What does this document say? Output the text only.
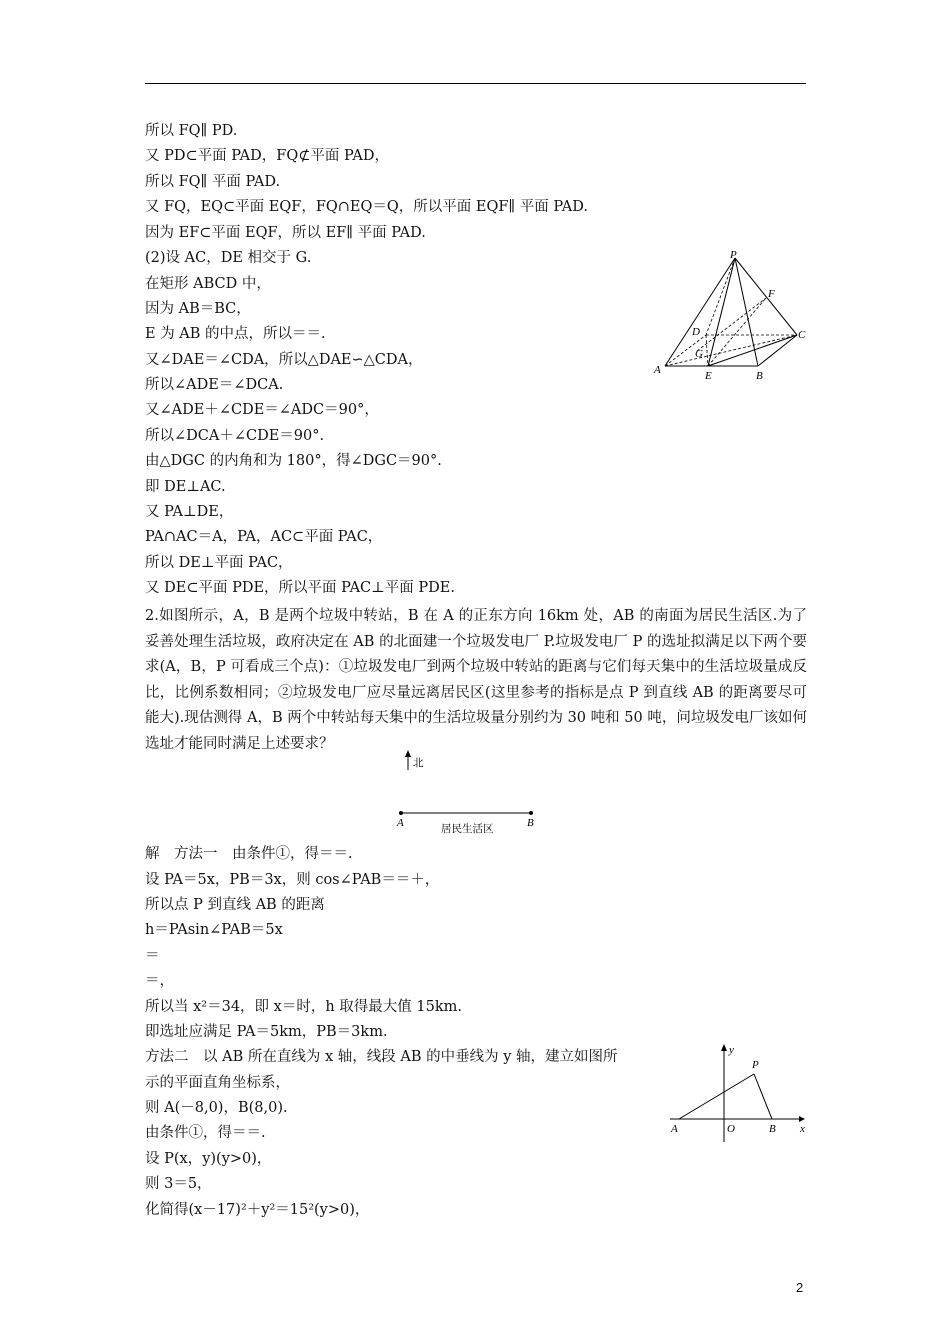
所以 FQ∥ PD.
又 PD⊂平面 PAD，FQ⊄平面 PAD，
所以 FQ∥ 平面 PAD.
又 FQ，EQ⊂平面 EQF，FQ∩EQ＝Q，所以平面 EQF∥ 平面 PAD.
因为 EF⊂平面 EQF，所以 EF∥ 平面 PAD.
(2)设 AC，DE 相交于 G.
在矩形 ABCD 中，
因为 AB＝BC，
E 为 AB 的中点，所以＝＝.
又∠DAE＝∠CDA，所以△DAE∽△CDA，
所以∠ADE＝∠DCA.
又∠ADE＋∠CDE＝∠ADC＝90°，
所以∠DCA＋∠CDE＝90°.
由△DGC 的内角和为 180°，得∠DGC＝90°.
即 DE⊥AC.
又 PA⊥DE，
PA∩AC＝A，PA，AC⊂平面 PAC，
所以 DE⊥平面 PAC，
又 DE⊂平面 PDE，所以平面 PAC⊥平面 PDE.
P
F
D	C
G
A	E	B
2.如图所示，A，B 是两个垃圾中转站，B 在 A 的正东方向 16km 处，AB 的南面为居民生活区.为了妥善处理生活垃圾，政府决定在 AB 的北面建一个垃圾发电厂 P.垃圾发电厂 P 的选址拟满足以下两个要求(A，B，P 可看成三个点)：①垃圾发电厂到两个垃圾中转站的距离与它们每天集中的生活垃圾量成反比，比例系数相同；②垃圾发电厂应尽量远离居民区(这里参考的指标是点 P 到直线 AB 的距离要尽可能大).现估测得 A，B 两个中转站每天集中的生活垃圾量分别约为 30 吨和 50 吨，问垃圾发电厂该如何选址才能同时满足上述要求？
北
A	B
居民生活区
解　方法一　由条件①，得＝＝.
设 PA＝5x，PB＝3x，则 cos∠PAB＝＝＋，
所以点 P 到直线 AB 的距离
h＝PAsin∠PAB＝5x
＝
＝，
所以当 x²＝34，即 x＝时，h 取得最大值 15km.
即选址应满足 PA＝5km，PB＝3km.
方法二　以 AB 所在直线为 x 轴，线段 AB 的中垂线为 y 轴，建立如图所
示的平面直角坐标系，
则 A(－8,0)，B(8,0).
由条件①，得＝＝.
设 P(x，y)(y>0)，
则 3＝5，
化简得(x－17)²＋y²＝15²(y>0)，
y
P
A	O	B x
2
